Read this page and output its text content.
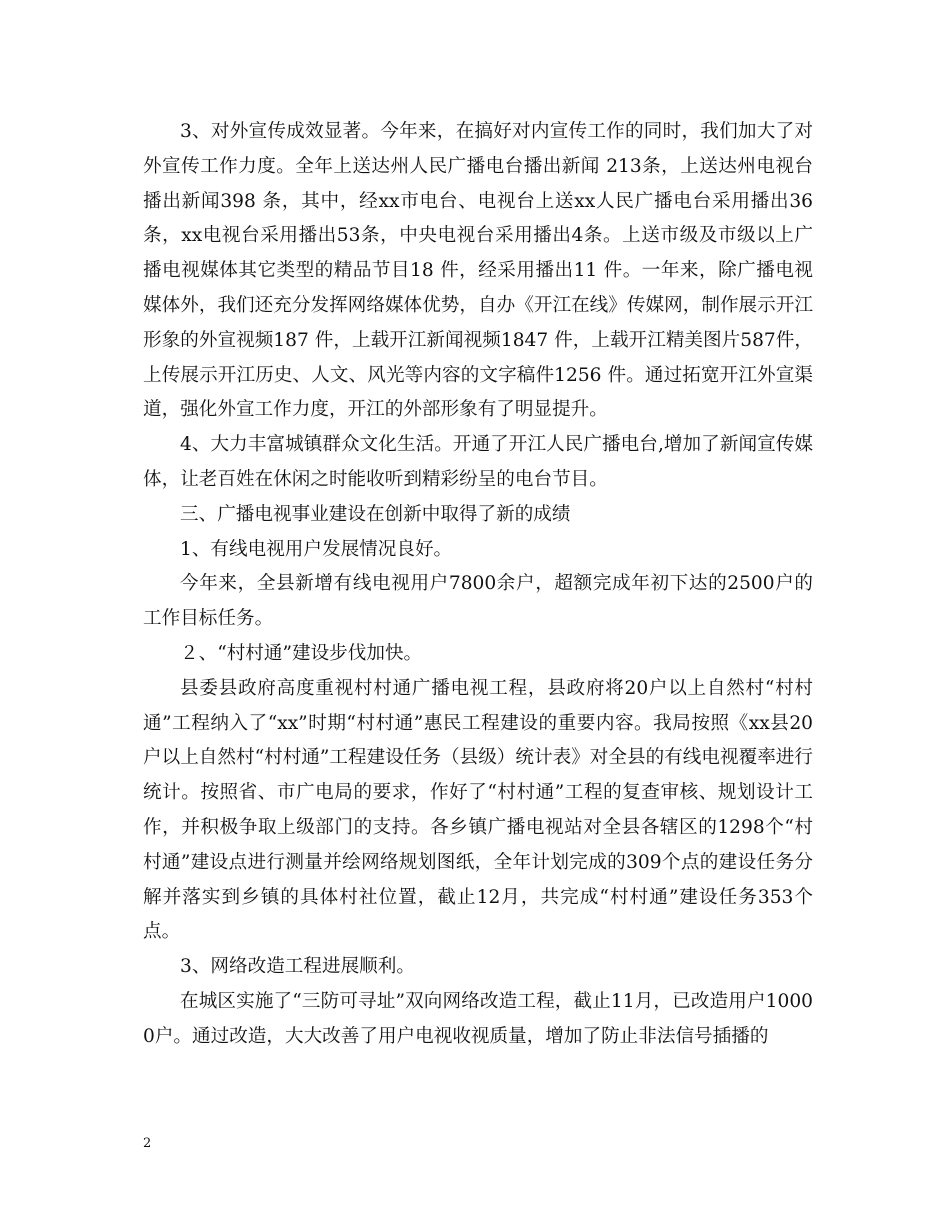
3、对外宣传成效显著。今年来，在搞好对内宣传工作的同时，我们加大了对外宣传工作力度。全年上送达州人民广播电台播出新闻 213条，上送达州电视台播出新闻398 条，其中，经xx市电台、电视台上送xx人民广播电台采用播出36条，xx电视台采用播出53条，中央电视台采用播出4条。上送市级及市级以上广播电视媒体其它类型的精品节目18 件，经采用播出11 件。一年来，除广播电视媒体外，我们还充分发挥网络媒体优势，自办《开江在线》传媒网，制作展示开江形象的外宣视频187 件，上载开江新闻视频1847 件，上载开江精美图片587件，上传展示开江历史、人文、风光等内容的文字稿件1256 件。通过拓宽开江外宣渠道，强化外宣工作力度，开江的外部形象有了明显提升。

4、大力丰富城镇群众文化生活。开通了开江人民广播电台,增加了新闻宣传媒体，让老百姓在休闲之时能收听到精彩纷呈的电台节目。

三、广播电视事业建设在创新中取得了新的成绩

1、有线电视用户发展情况良好。

今年来，全县新增有线电视用户7800余户，超额完成年初下达的2500户的工作目标任务。

２、“村村通”建设步伐加快。

县委县政府高度重视村村通广播电视工程，县政府将20户以上自然村“村村通”工程纳入了“xx”时期“村村通”惠民工程建设的重要内容。我局按照《xx县20户以上自然村“村村通”工程建设任务（县级）统计表》对全县的有线电视覆率进行统计。按照省、市广电局的要求，作好了“村村通”工程的复查审核、规划设计工作，并积极争取上级部门的支持。各乡镇广播电视站对全县各辖区的1298个“村村通”建设点进行测量并绘网络规划图纸，全年计划完成的309个点的建设任务分解并落实到乡镇的具体村社位置，截止12月，共完成“村村通”建设任务353个点。

3、网络改造工程进展顺利。

在城区实施了“三防可寻址”双向网络改造工程，截止11月，已改造用户10000户。通过改造，大大改善了用户电视收视质量，增加了防止非法信号插播的

2
